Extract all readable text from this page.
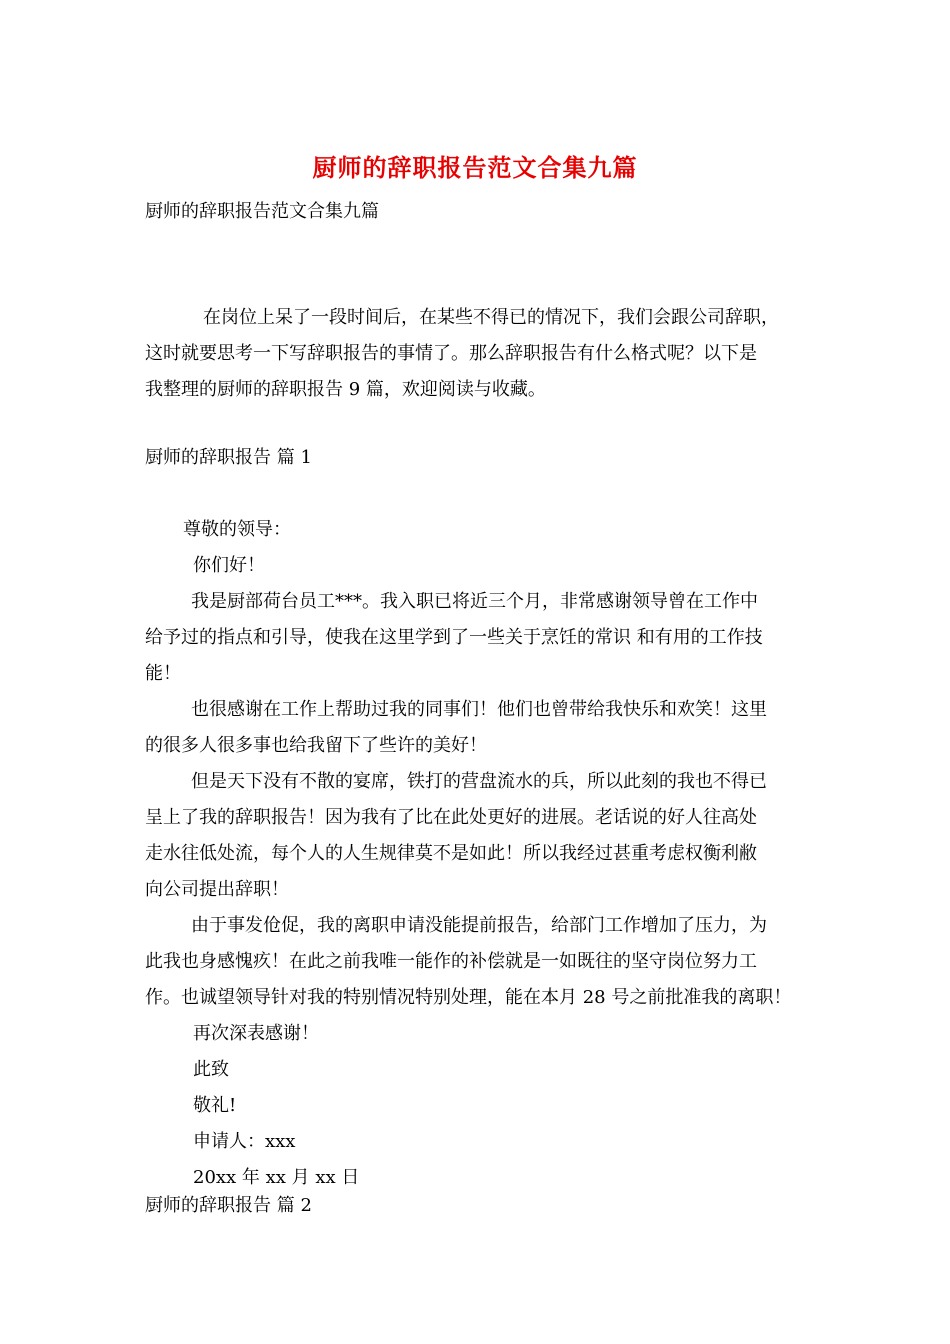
厨师的辞职报告范文合集九篇
厨师的辞职报告范文合集九篇
在岗位上呆了一段时间后，在某些不得已的情况下，我们会跟公司辞职，
这时就要思考一下写辞职报告的事情了。那么辞职报告有什么格式呢？以下是
我整理的厨师的辞职报告 9 篇，欢迎阅读与收藏。
厨师的辞职报告 篇 1
尊敬的领导：
你们好！
我是厨部荷台员工***。我入职已将近三个月，非常感谢领导曾在工作中
给予过的指点和引导，使我在这里学到了一些关于烹饪的常识 和有用的工作技
能！
也很感谢在工作上帮助过我的同事们！他们也曾带给我快乐和欢笑！这里
的很多人很多事也给我留下了些许的美好！
但是天下没有不散的宴席，铁打的营盘流水的兵，所以此刻的我也不得已
呈上了我的辞职报告！因为我有了比在此处更好的进展。老话说的好人往高处
走水往低处流，每个人的人生规律莫不是如此！所以我经过甚重考虑权衡利敝
向公司提出辞职！
由于事发伧促，我的离职申请没能提前报告，给部门工作增加了压力，为
此我也身感愧疚！在此之前我唯一能作的补偿就是一如既往的坚守岗位努力工
作。也诚望领导针对我的特别情况特别处理，能在本月 28 号之前批准我的离职！
再次深表感谢！
此致
敬礼!
申请人：xxx
20xx 年 xx 月 xx 日
厨师的辞职报告 篇 2
